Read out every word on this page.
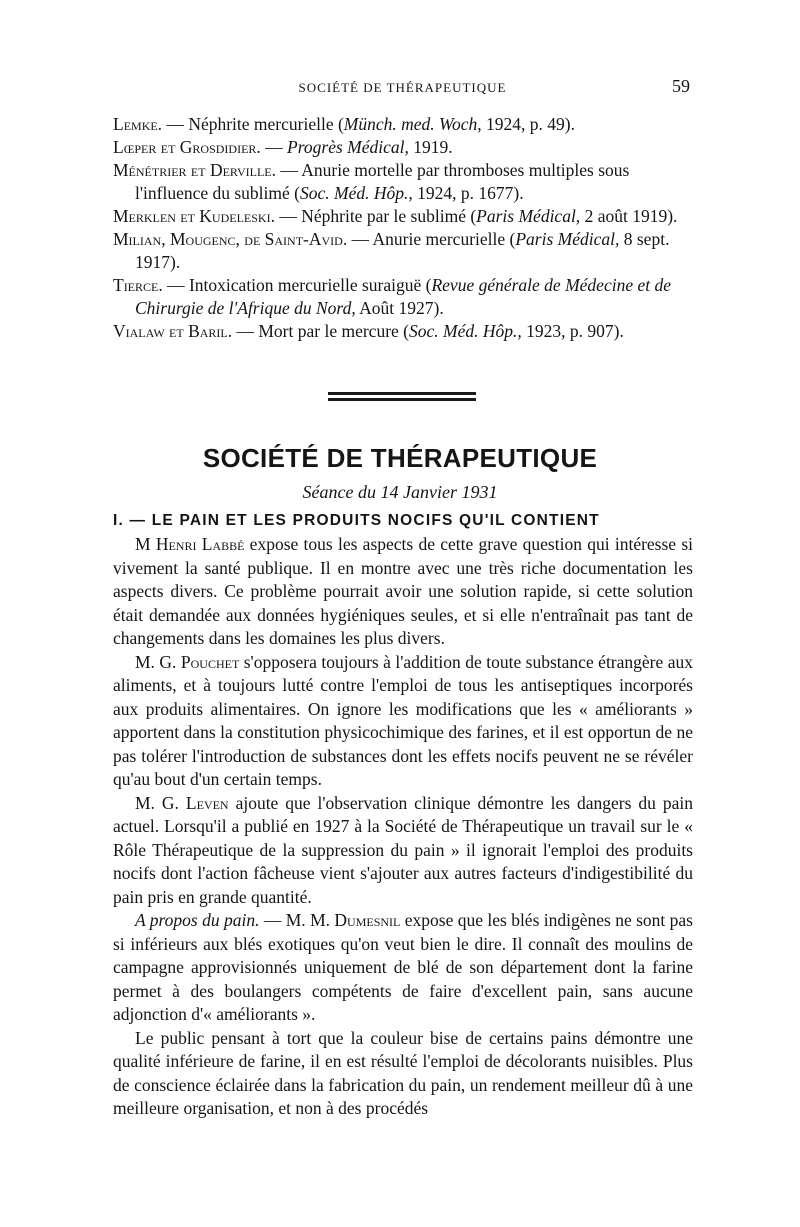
SOCIÉTÉ DE THÉRAPEUTIQUE	59
Lemke. — Néphrite mercurielle (Münch. med. Woch, 1924, p. 49).
Lœper et Grosdidier. — Progrès Médical, 1919.
Ménétrier et Derville. — Anurie mortelle par thromboses multiples sous l'influence du sublimé (Soc. Méd. Hôp., 1924, p. 1677).
Merklen et Kudeleski. — Néphrite par le sublimé (Paris Médical, 2 août 1919).
Milian, Mougenc, de Saint-Avid. — Anurie mercurielle (Paris Médical, 8 sept. 1917).
Tierce. — Intoxication mercurielle suraiguë (Revue générale de Médecine et de Chirurgie de l'Afrique du Nord, Août 1927).
Vialaw et Baril. — Mort par le mercure (Soc. Méd. Hôp., 1923, p. 907).
SOCIÉTÉ DE THÉRAPEUTIQUE
Séance du 14 Janvier 1931
I. — LE PAIN ET LES PRODUITS NOCIFS QU'IL CONTIENT

M Henri Labbé expose tous les aspects de cette grave question qui intéresse si vivement la santé publique. Il en montre avec une très riche documentation les aspects divers. Ce problème pourrait avoir une solution rapide, si cette solution était demandée aux données hygiéniques seules, et si elle n'entraînait pas tant de changements dans les domaines les plus divers.

M. G. Pouchet s'opposera toujours à l'addition de toute substance étrangère aux aliments, et à toujours lutté contre l'emploi de tous les antiseptiques incorporés aux produits alimentaires. On ignore les modifications que les « améliorants » apportent dans la constitution physicochimique des farines, et il est opportun de ne pas tolérer l'introduction de substances dont les effets nocifs peuvent ne se révéler qu'au bout d'un certain temps.

M. G. Leven ajoute que l'observation clinique démontre les dangers du pain actuel. Lorsqu'il a publié en 1927 à la Société de Thérapeutique un travail sur le « Rôle Thérapeutique de la suppression du pain » il ignorait l'emploi des produits nocifs dont l'action fâcheuse vient s'ajouter aux autres facteurs d'indigestibilité du pain pris en grande quantité.

A propos du pain. — M. M. Dumesnil expose que les blés indigènes ne sont pas si inférieurs aux blés exotiques qu'on veut bien le dire. Il connaît des moulins de campagne approvisionnés uniquement de blé de son département dont la farine permet à des boulangers compétents de faire d'excellent pain, sans aucune adjonction d'« améliorants ».

Le public pensant à tort que la couleur bise de certains pains démontre une qualité inférieure de farine, il en est résulté l'emploi de décolorants nuisibles. Plus de conscience éclairée dans la fabrication du pain, un rendement meilleur dû à une meilleure organisation, et non à des procédés
